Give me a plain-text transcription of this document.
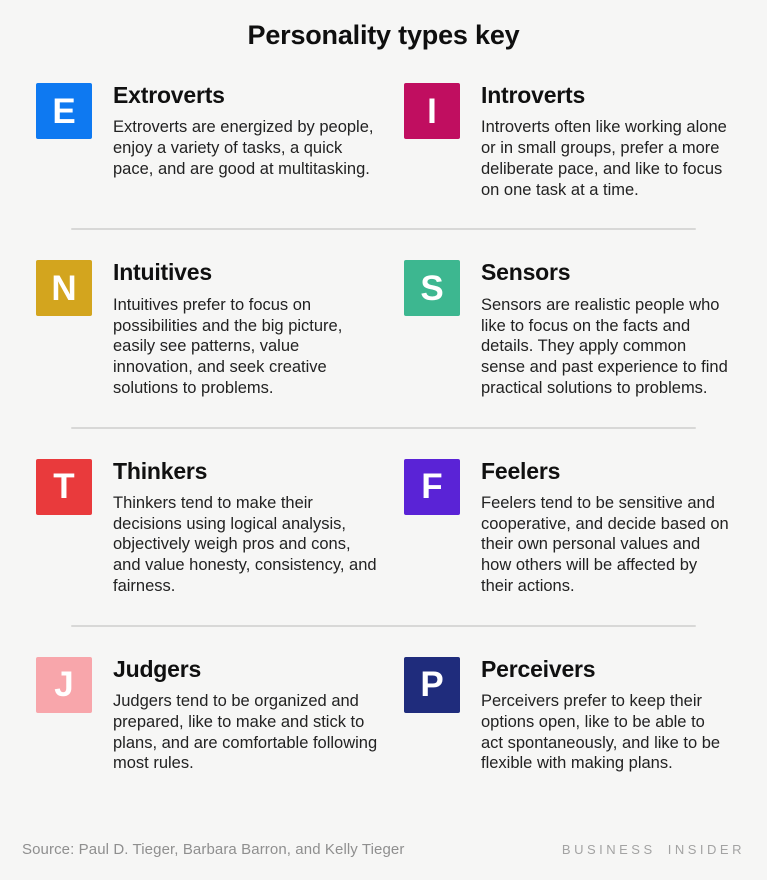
Personality types key
E	Extroverts

Extroverts are energized by people, enjoy a variety of tasks, a quick pace, and are good at multitasking.

I	Introverts

Introverts often like working alone or in small groups, prefer a more deliberate pace, and like to focus on one task at a time.

N	Intuitives

Intuitives prefer to focus on possibilities and the big picture, easily see patterns, value innovation, and seek creative solutions to problems.

S	Sensors

Sensors are realistic people who like to focus on the facts and details. They apply common sense and past experience to find practical solutions to problems.

T	Thinkers

Thinkers tend to make their decisions using logical analysis, objectively weigh pros and cons, and value honesty, consistency, and fairness.

F	Feelers

Feelers tend to be sensitive and cooperative, and decide based on their own personal values and how others will be affected by their actions.

J	Judgers

Judgers tend to be organized and prepared, like to make and stick to plans, and are comfortable following most rules.

P	Perceivers

Perceivers prefer to keep their options open, like to be able to act spontaneously, and like to be flexible with making plans.

Source: Paul D. Tieger, Barbara Barron, and Kelly Tieger	BUSINESS INSIDER
